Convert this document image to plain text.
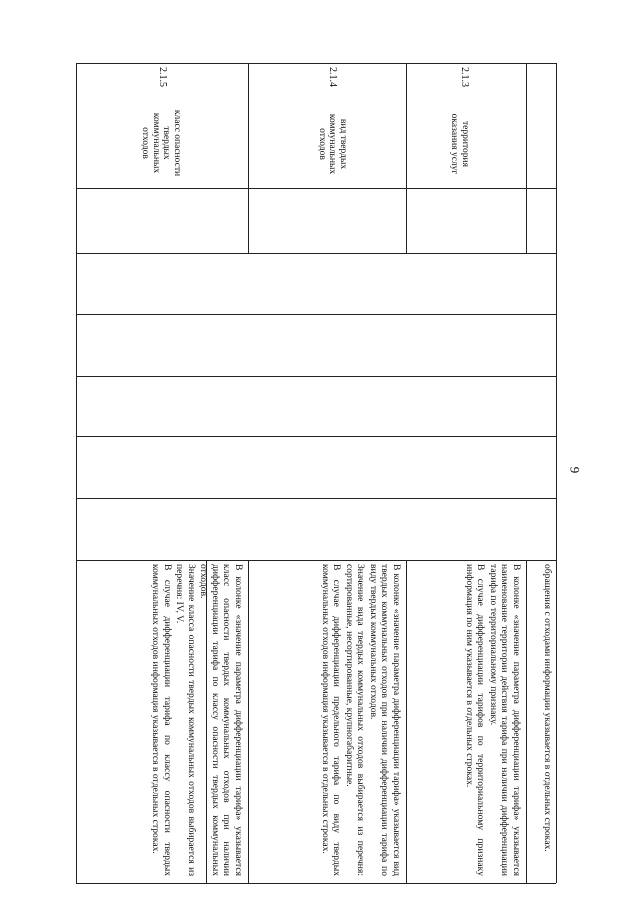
9
обращения с отходами информации указывается в отдельных строках.
2.1.3
территория оказания услуг
В колонке «значение параметра дифференциации тарифа» указывается наименование территории действия тарифа при наличии дифференциации тарифа по территориальному признаку.
В случае дифференциации тарифов по территориальному признаку информация по ним указывается в отдельных строках.
2.1.4
вид твердых коммунальных отходов
В колонке «значение параметра дифференциации тарифа» указывается вид твердых коммунальных отходов при наличии дифференциации тарифа по виду твердых коммунальных отходов.
Значение вида твердых коммунальных отходов выбирается из перечня: сортированные, несортированные, крупногабаритные.
В случае дифференциации предельного тарифа по виду твердых коммунальных отходов информация указывается в отдельных строках.
2.1.5
класс опасности твердых коммунальных отходов
В колонке «значение параметра дифференциации тарифа» указывается класс опасности твердых коммунальных отходов при наличии дифференциации тарифа по классу опасности твердых коммунальных отходов.
Значение класса опасности твердых коммунальных отходов выбирается из перечня: IV, V.
В случае дифференциации тарифа по классу опасности твердых коммунальных отходов информация указывается в отдельных строках.
